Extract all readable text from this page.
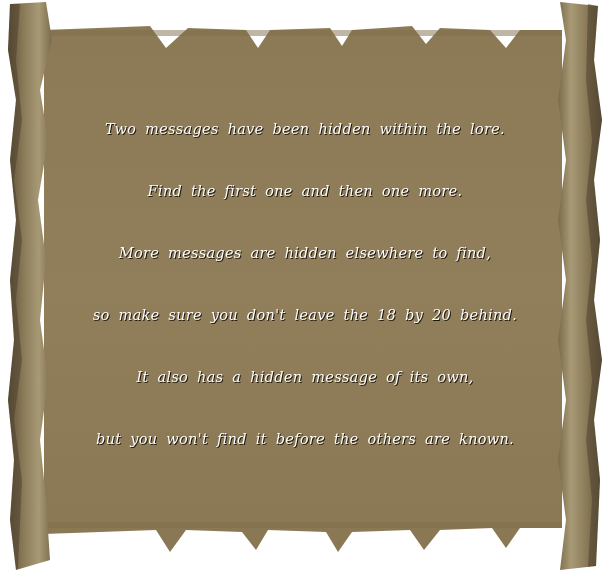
Two messages have been hidden within the lore.
Find the first one and then one more.
More messages are hidden elsewhere to find,
so make sure you don't leave the 18 by 20 behind.
It also has a hidden message of its own,
but you won't find it before the others are known.
